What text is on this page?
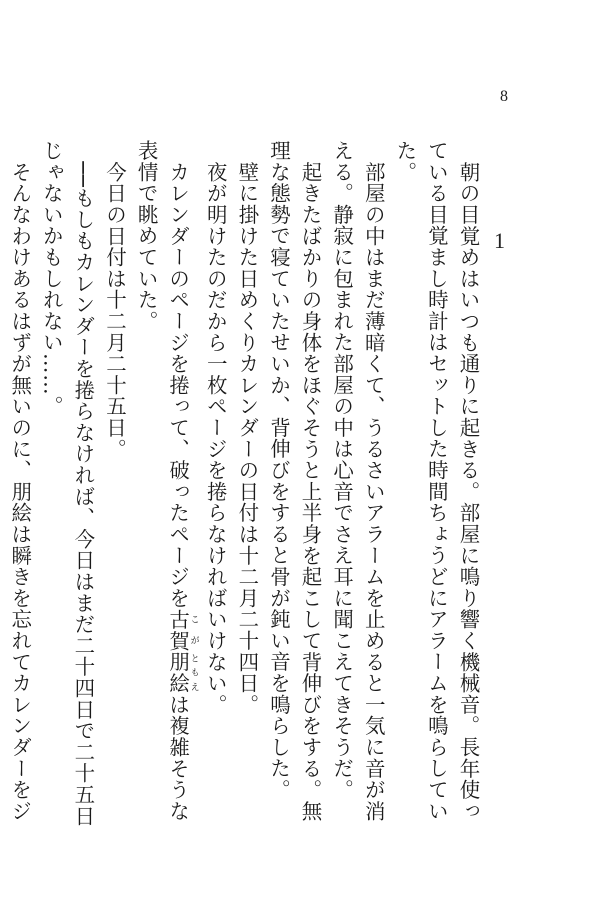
8
1

　朝の目覚めはいつも通りに起きる。部屋に鳴り響く機械音。長年使っている目覚まし時計はセットした時間ちょうどにアラームを鳴らしていた。

　部屋の中はまだ薄暗くて、うるさいアラームを止めると一気に音が消える。静寂に包まれた部屋の中は心音でさえ耳に聞こえてきそうだ。

　起きたばかりの身体をほぐそうと上半身を起こして背伸びをする。無理な態勢で寝ていたせいか、背伸びをすると骨が鈍い音を鳴らした。

　壁に掛けた日めくりカレンダーの日付は十二月二十四日。

　夜が明けたのだから一枚ページを捲らなければいけない。

　カレンダーのページを捲って、破ったページを古賀 こが朋絵 ともえは複雑そうな表情で眺めていた。

　今日の日付は十二月二十五日。

　──もしもカレンダーを捲らなければ、今日はまだ二十四日で二十五日じゃないかもしれない……。

　そんなわけあるはずが無いのに、朋絵は瞬きを忘れてカレンダーをジ
